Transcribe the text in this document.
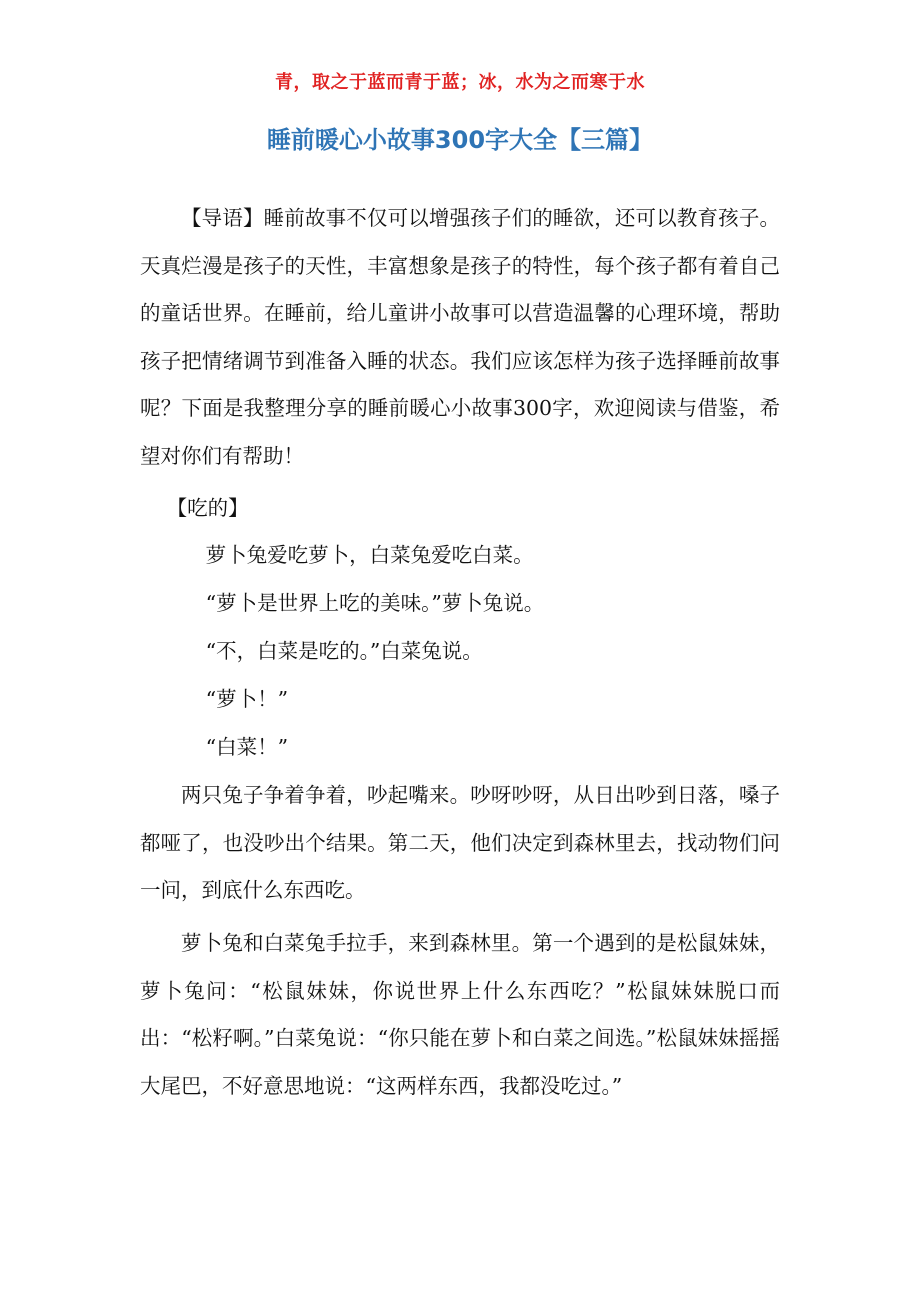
青，取之于蓝而青于蓝；冰，水为之而寒于水
睡前暖心小故事300字大全【三篇】
【导语】睡前故事不仅可以增强孩子们的睡欲，还可以教育孩子。天真烂漫是孩子的天性，丰富想象是孩子的特性，每个孩子都有着自己的童话世界。在睡前，给儿童讲小故事可以营造温馨的心理环境，帮助孩子把情绪调节到准备入睡的状态。我们应该怎样为孩子选择睡前故事呢？下面是我整理分享的睡前暖心小故事300字，欢迎阅读与借鉴，希望对你们有帮助！
【吃的】
萝卜兔爱吃萝卜，白菜兔爱吃白菜。
“萝卜是世界上吃的美味。”萝卜兔说。
“不，白菜是吃的。”白菜兔说。
“萝卜！”
“白菜！”
两只兔子争着争着，吵起嘴来。吵呀吵呀，从日出吵到日落，嗓子都哑了，也没吵出个结果。第二天，他们决定到森林里去，找动物们问一问，到底什么东西吃。
萝卜兔和白菜兔手拉手，来到森林里。第一个遇到的是松鼠妹妹，萝卜兔问：“松鼠妹妹，你说世界上什么东西吃？”松鼠妹妹脱口而出：“松籽啊。”白菜兔说：“你只能在萝卜和白菜之间选。”松鼠妹妹摇摇大尾巴，不好意思地说：“这两样东西，我都没吃过。”
